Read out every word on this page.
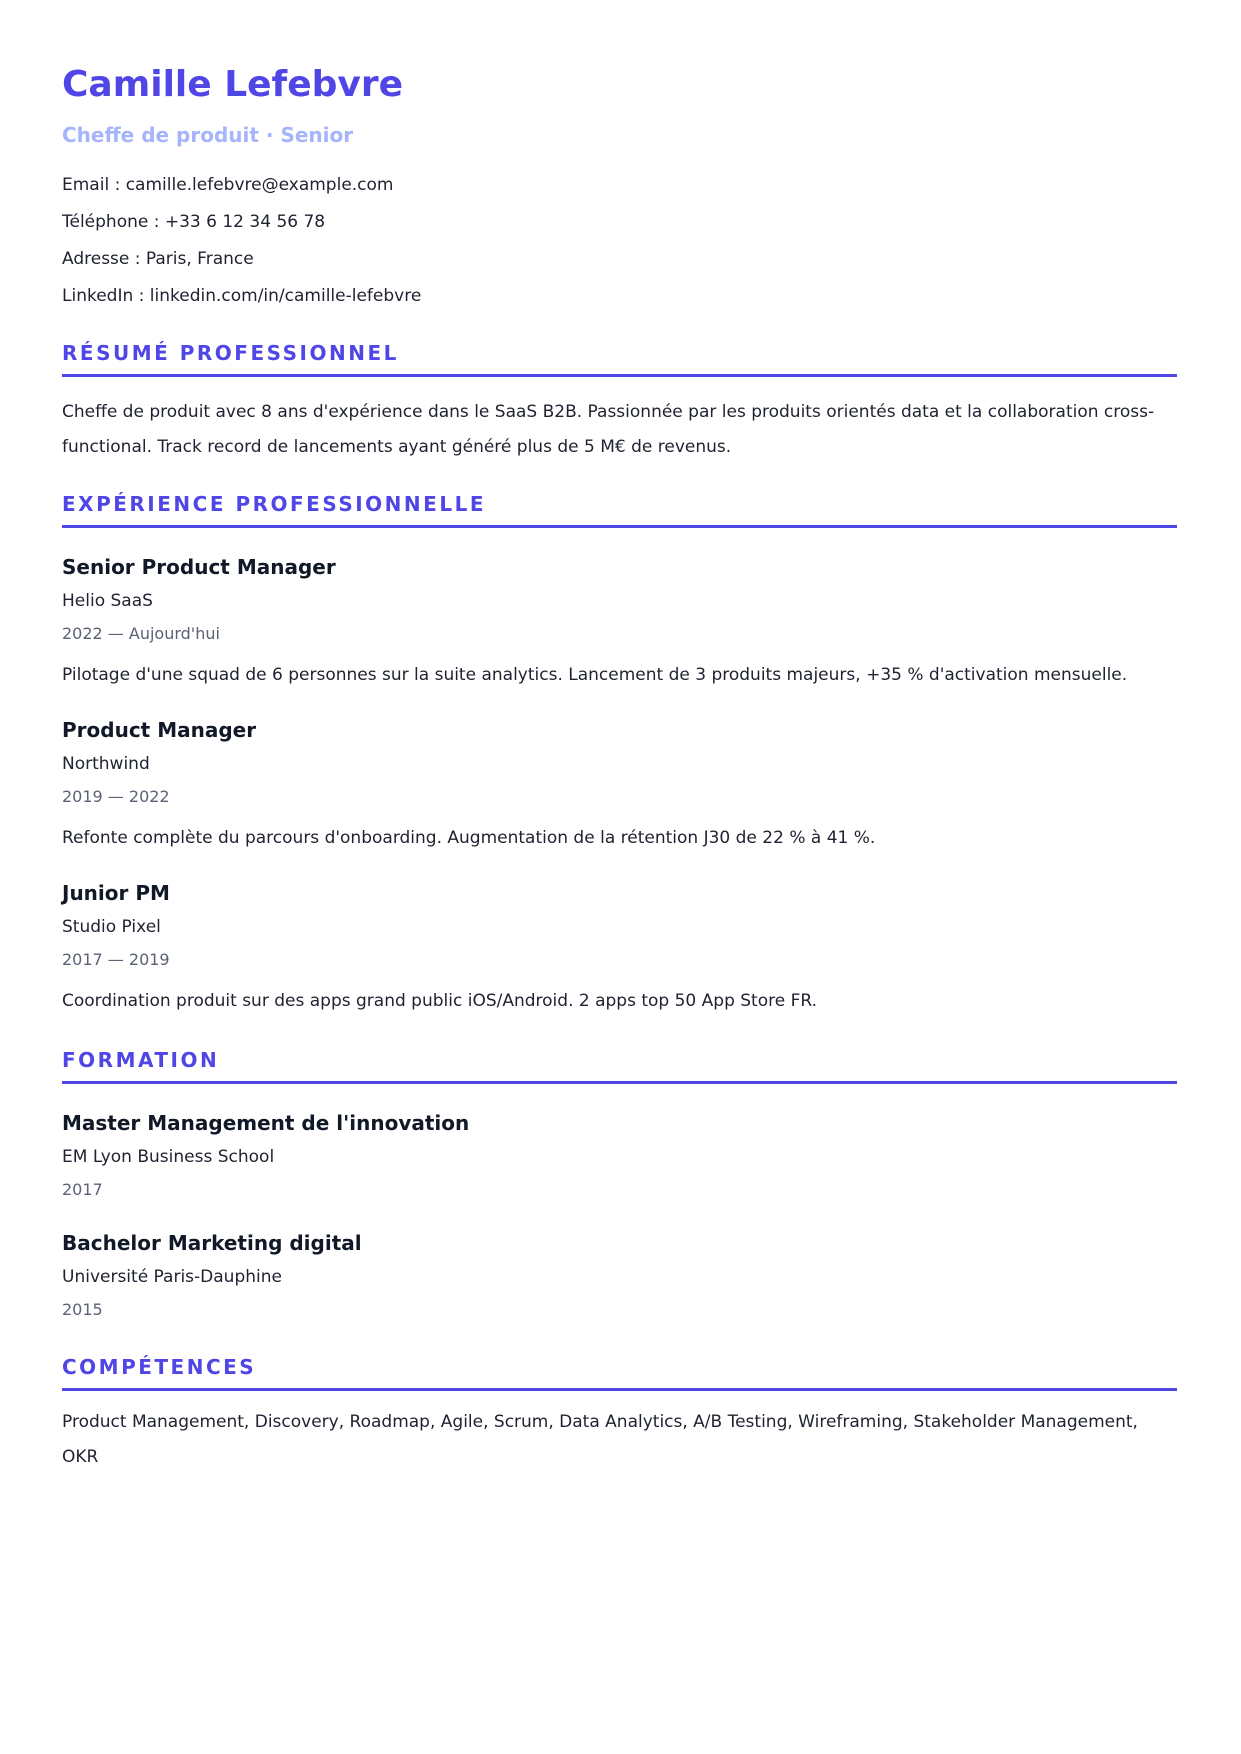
Camille Lefebvre
Cheffe de produit · Senior
Email : camille.lefebvre@example.com
Téléphone : +33 6 12 34 56 78
Adresse : Paris, France
LinkedIn : linkedin.com/in/camille-lefebvre
RÉSUMÉ PROFESSIONNEL

Cheffe de produit avec 8 ans d'expérience dans le SaaS B2B. Passionnée par les produits orientés data et la collaboration cross-functional. Track record de lancements ayant généré plus de 5 M€ de revenus.

EXPÉRIENCE PROFESSIONNELLE
Senior Product Manager
Helio SaaS
2022 — Aujourd'hui

Pilotage d'une squad de 6 personnes sur la suite analytics. Lancement de 3 produits majeurs, +35 % d'activation mensuelle.

Product Manager
Northwind
2019 — 2022

Refonte complète du parcours d'onboarding. Augmentation de la rétention J30 de 22 % à 41 %.

Junior PM
Studio Pixel
2017 — 2019

Coordination produit sur des apps grand public iOS/Android. 2 apps top 50 App Store FR.

FORMATION
Master Management de l'innovation
EM Lyon Business School
2017
Bachelor Marketing digital
Université Paris-Dauphine
2015
COMPÉTENCES

Product Management, Discovery, Roadmap, Agile, Scrum, Data Analytics, A/B Testing, Wireframing, Stakeholder Management, OKR
